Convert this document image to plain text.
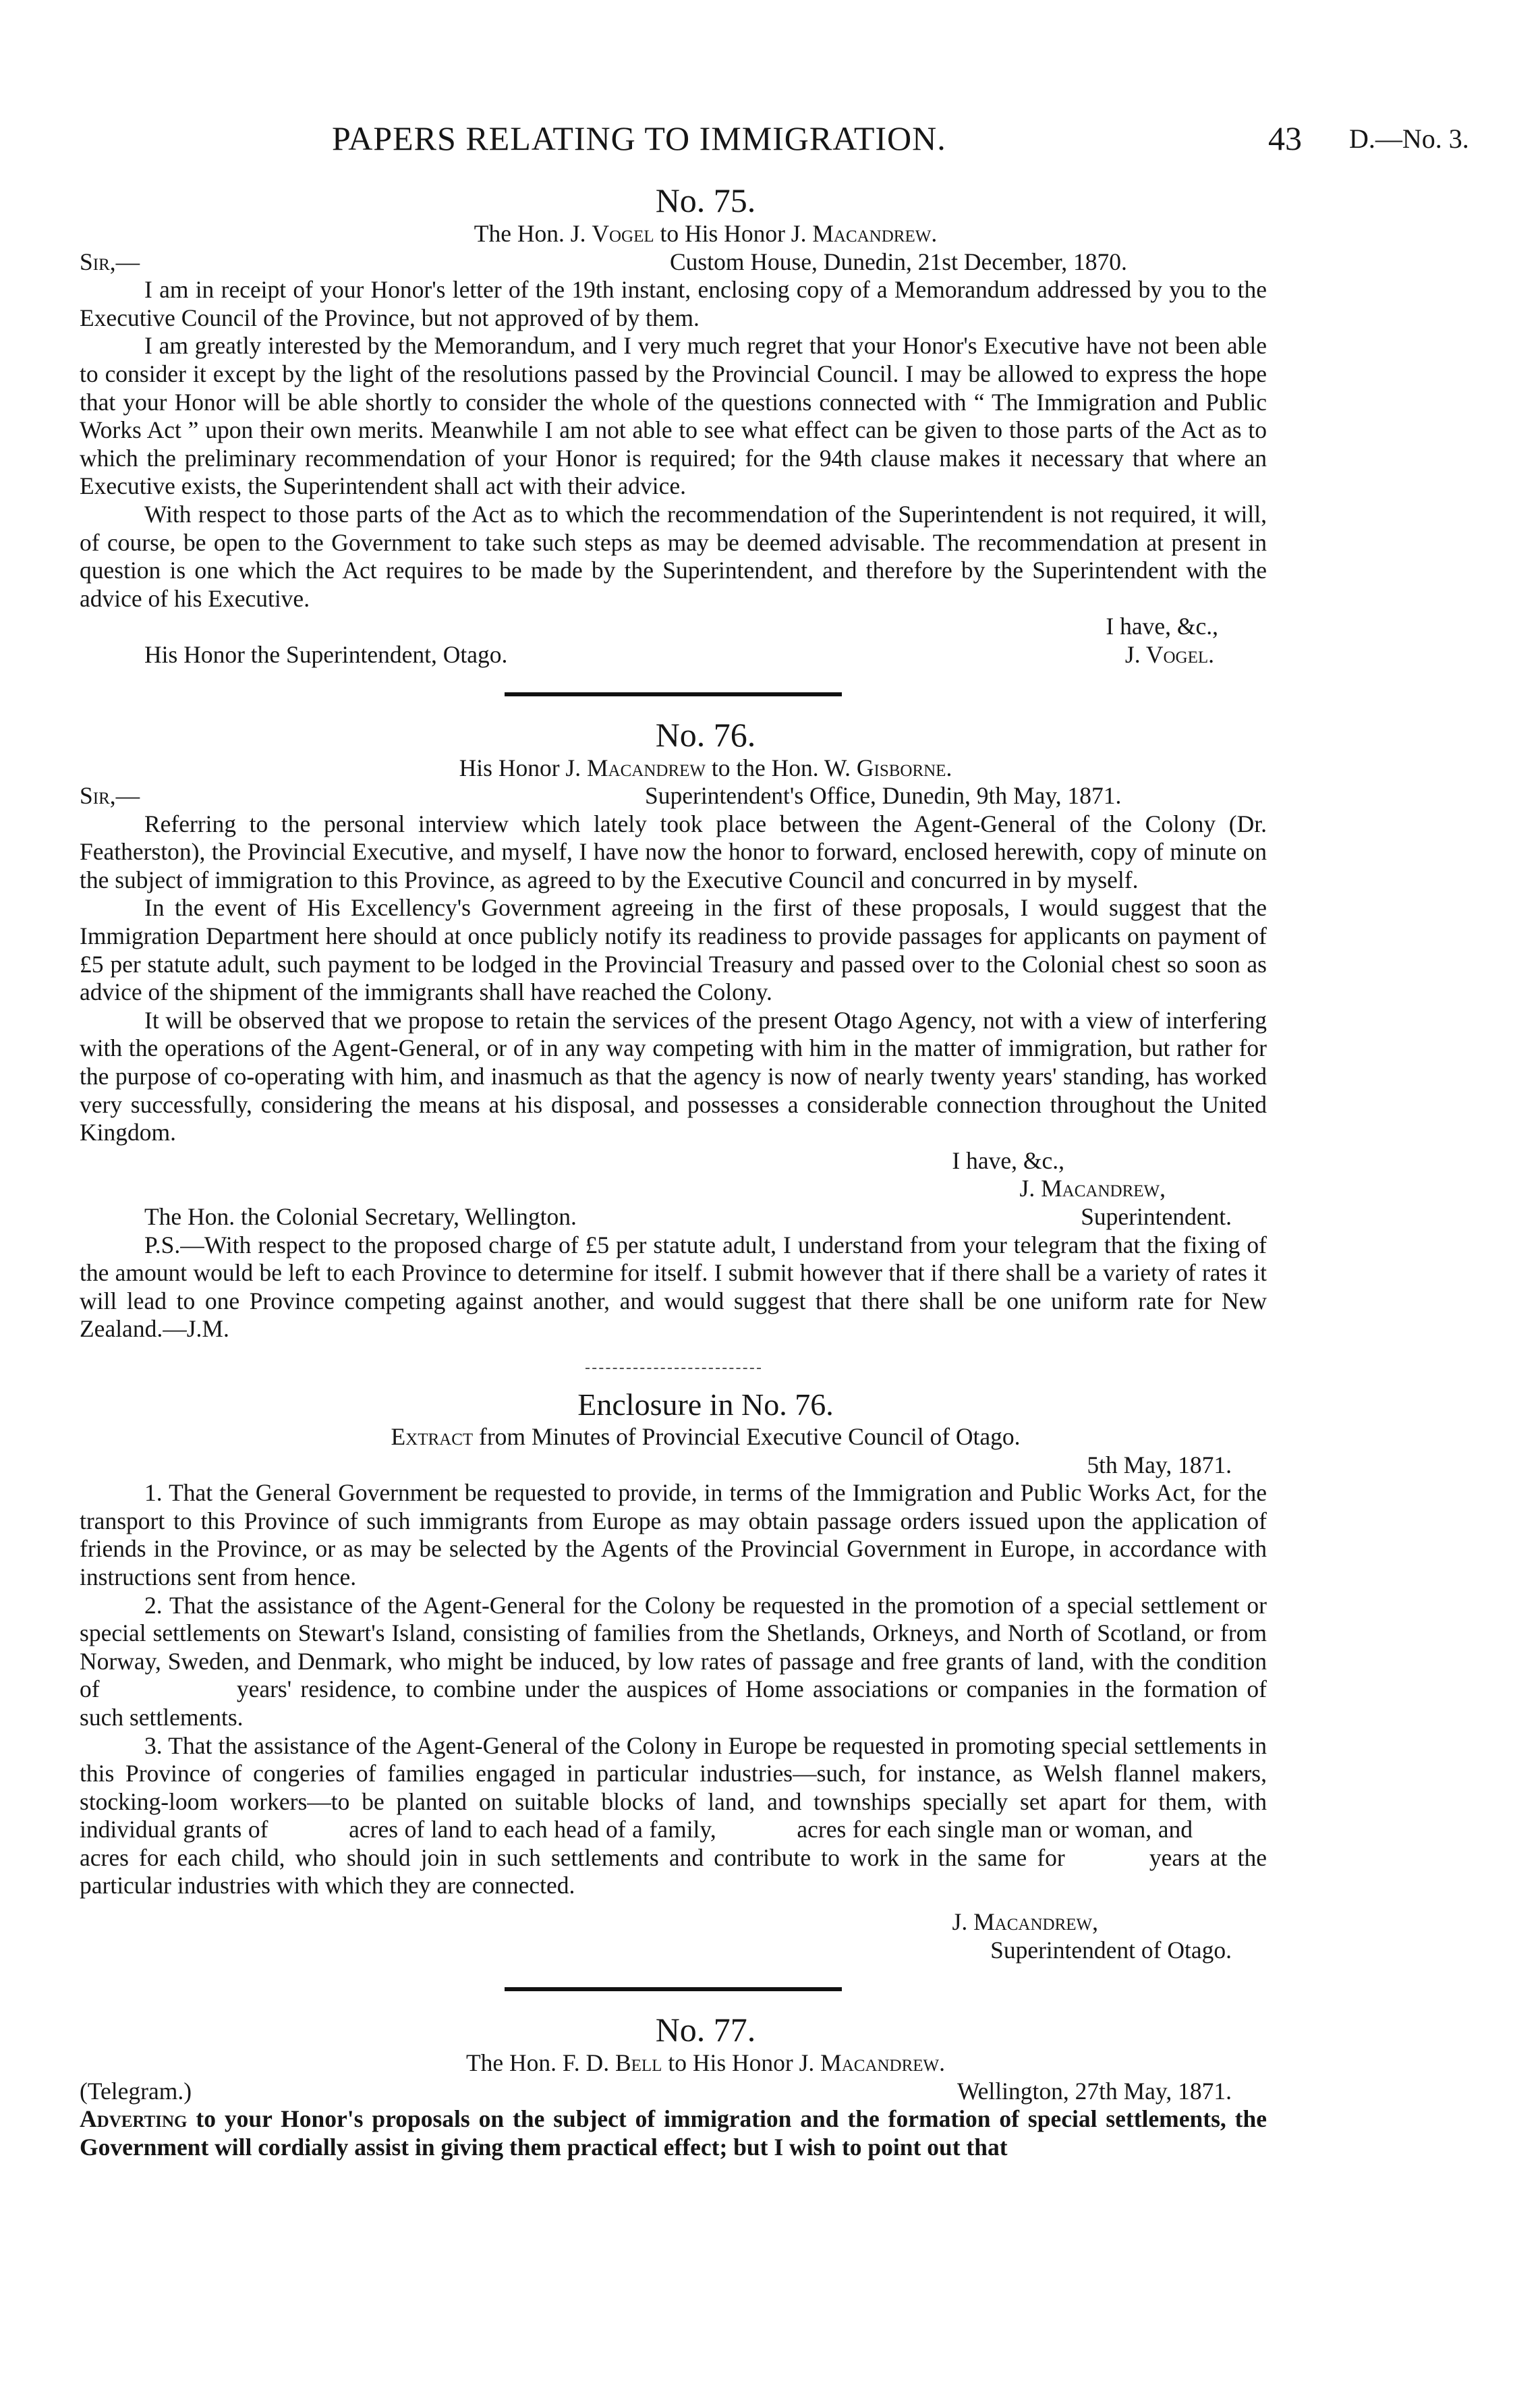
PAPERS RELATING TO IMMIGRATION.	43 D.—No. 3.

No. 75.

The Hon. J. Vogel to His Honor J. Macandrew.

Sir,—	Custom House, Dunedin, 21st December, 1870.

I am in receipt of your Honor's letter of the 19th instant, enclosing copy of a Memorandum addressed by you to the Executive Council of the Province, but not approved of by them.

I am greatly interested by the Memorandum, and I very much regret that your Honor's Executive have not been able to consider it except by the light of the resolutions passed by the Provincial Council. I may be allowed to express the hope that your Honor will be able shortly to consider the whole of the questions connected with “ The Immigration and Public Works Act ” upon their own merits. Meanwhile I am not able to see what effect can be given to those parts of the Act as to which the preliminary recommendation of your Honor is required; for the 94th clause makes it necessary that where an Executive exists, the Superintendent shall act with their advice.

With respect to those parts of the Act as to which the recommendation of the Superintendent is not required, it will, of course, be open to the Government to take such steps as may be deemed advisable. The recommendation at present in question is one which the Act requires to be made by the Superintendent, and therefore by the Superintendent with the advice of his Executive.

I have, &c.,

His Honor the Superintendent, Otago.	J. Vogel.

No. 76.

His Honor J. Macandrew to the Hon. W. Gisborne.

Sir,—	Superintendent's Office, Dunedin, 9th May, 1871.

Referring to the personal interview which lately took place between the Agent-General of the Colony (Dr. Featherston), the Provincial Executive, and myself, I have now the honor to forward, enclosed herewith, copy of minute on the subject of immigration to this Province, as agreed to by the Executive Council and concurred in by myself.

In the event of His Excellency's Government agreeing in the first of these proposals, I would suggest that the Immigration Department here should at once publicly notify its readiness to provide passages for applicants on payment of £5 per statute adult, such payment to be lodged in the Provincial Treasury and passed over to the Colonial chest so soon as advice of the shipment of the immigrants shall have reached the Colony.

It will be observed that we propose to retain the services of the present Otago Agency, not with a view of interfering with the operations of the Agent-General, or of in any way competing with him in the matter of immigration, but rather for the purpose of co-operating with him, and inasmuch as that the agency is now of nearly twenty years' standing, has worked very successfully, considering the means at his disposal, and possesses a considerable connection throughout the United Kingdom.

I have, &c.,

J. Macandrew,

The Hon. the Colonial Secretary, Wellington.	Superintendent.

P.S.—With respect to the proposed charge of £5 per statute adult, I understand from your telegram that the fixing of the amount would be left to each Province to determine for itself. I submit however that if there shall be a variety of rates it will lead to one Province competing against another, and would suggest that there shall be one uniform rate for New Zealand.—J.M.

Enclosure in No. 76.

Extract from Minutes of Provincial Executive Council of Otago.

5th May, 1871.

1. That the General Government be requested to provide, in terms of the Immigration and Public Works Act, for the transport to this Province of such immigrants from Europe as may obtain passage orders issued upon the application of friends in the Province, or as may be selected by the Agents of the Provincial Government in Europe, in accordance with instructions sent from hence.

2. That the assistance of the Agent-General for the Colony be requested in the promotion of a special settlement or special settlements on Stewart's Island, consisting of families from the Shetlands, Orkneys, and North of Scotland, or from Norway, Sweden, and Denmark, who might be induced, by low rates of passage and free grants of land, with the condition of	years' residence, to combine under the auspices of Home associations or companies in the formation of such settlements.

3. That the assistance of the Agent-General of the Colony in Europe be requested in promoting special settlements in this Province of congeries of families engaged in particular industries—such, for instance, as Welsh flannel makers, stocking-loom workers—to be planted on suitable blocks of land, and townships specially set apart for them, with individual grants of	acres of land to each head of a family,	acres for each single man or woman, and acres for each child, who should join in such settlements and contribute to work in the same for	years at the particular industries with which they are connected.

J. Macandrew,

Superintendent of Otago.

No. 77.

The Hon. F. D. Bell to His Honor J. Macandrew.

(Telegram.)	Wellington, 27th May, 1871.

Adverting to your Honor's proposals on the subject of immigration and the formation of special settlements, the Government will cordially assist in giving them practical effect; but I wish to point out that
